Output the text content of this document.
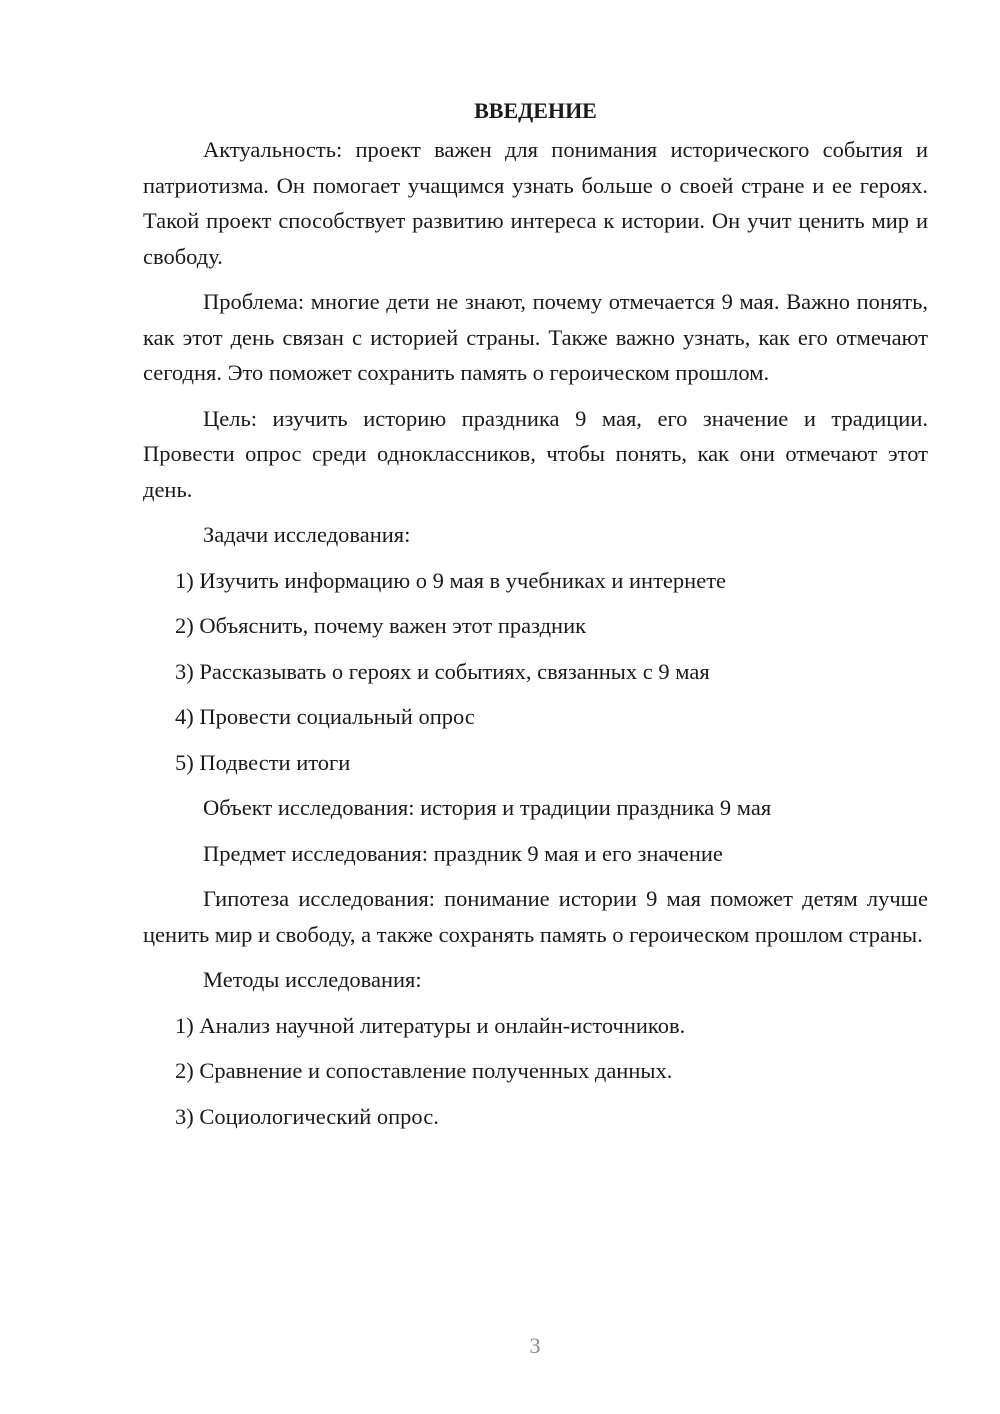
ВВЕДЕНИЕ

Актуальность: проект важен для понимания исторического события и патриотизма. Он помогает учащимся узнать больше о своей стране и ее героях. Такой проект способствует развитию интереса к истории. Он учит ценить мир и свободу.

Проблема: многие дети не знают, почему отмечается 9 мая. Важно понять, как этот день связан с историей страны. Также важно узнать, как его отмечают сегодня. Это поможет сохранить память о героическом прошлом.

Цель: изучить историю праздника 9 мая, его значение и традиции. Провести опрос среди одноклассников, чтобы понять, как они отмечают этот день.

Задачи исследования:

1) Изучить информацию о 9 мая в учебниках и интернете

2) Объяснить, почему важен этот праздник

3) Рассказывать о героях и событиях, связанных с 9 мая

4) Провести социальный опрос

5) Подвести итоги

Объект исследования: история и традиции праздника 9 мая

Предмет исследования: праздник 9 мая и его значение

Гипотеза исследования: понимание истории 9 мая поможет детям лучше ценить мир и свободу, а также сохранять память о героическом прошлом страны.

Методы исследования:

1) Анализ научной литературы и онлайн-источников.

2) Сравнение и сопоставление полученных данных.

3) Социологический опрос.

3
